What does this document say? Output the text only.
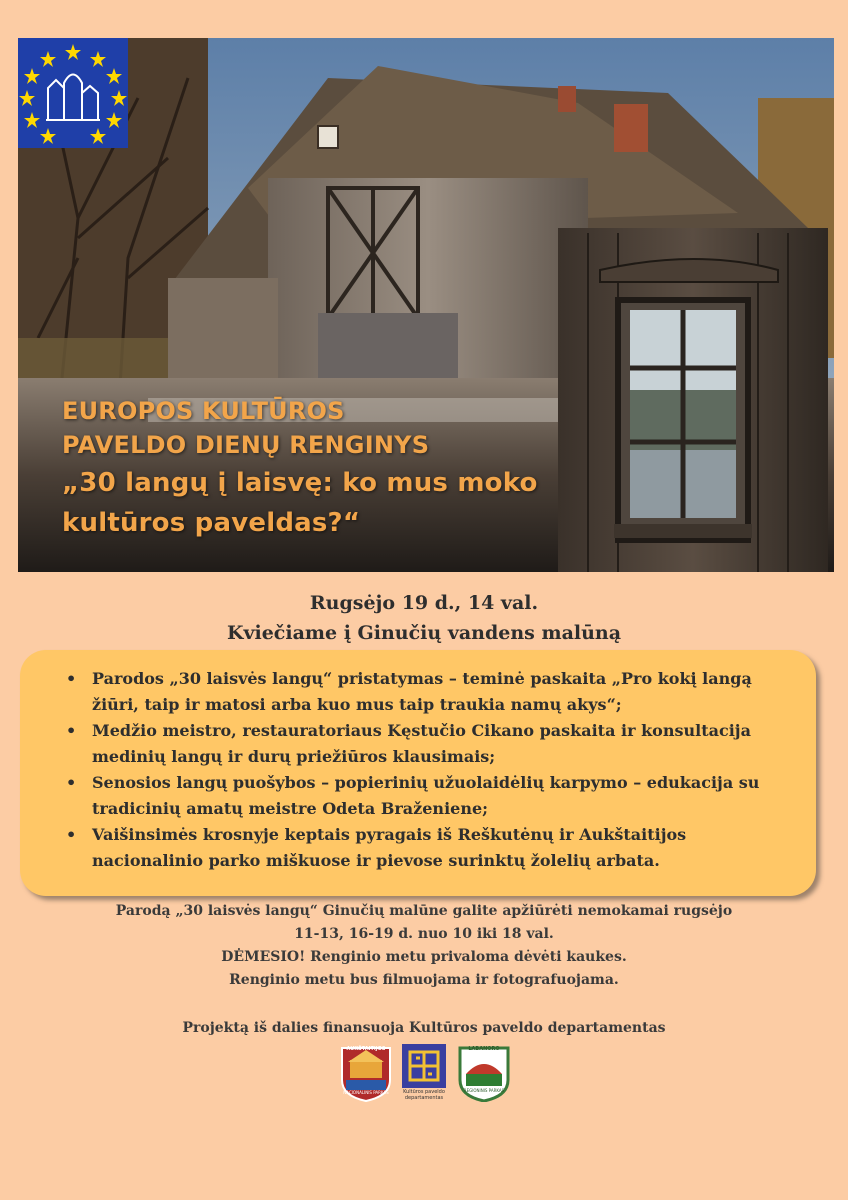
EUROPOS KULTŪROS
PAVELDO DIENŲ RENGINYS
„30 langų į laisvę: ko mus moko
kultūros paveldas?“
Rugsėjo 19 d., 14 val.
Kviečiame į Ginučių vandens malūną
• Parodos „30 laisvės langų“ pristatymas – teminė paskaita „Pro kokį langą žiūri, taip ir matosi arba kuo mus taip traukia namų akys“;
• Medžio meistro, restauratoriaus Kęstučio Cikano paskaita ir konsultacija medinių langų ir durų priežiūros klausimais;
• Senosios langų puošybos – popierinių užuolaidėlių karpymo – edukacija su tradicinių amatų meistre Odeta Braženiene;
• Vaišinsimės krosnyje keptais pyragais iš Reškutėnų ir Aukštaitijos nacionalinio parko miškuose ir pievose surinktų žolelių arbata.
Parodą „30 laisvės langų“ Ginučių malūne galite apžiūrėti nemokamai rugsėjo
11-13, 16-19 d. nuo 10 iki 18 val.
DĖMESIO! Renginio metu privaloma dėvėti kaukes.
Renginio metu bus filmuojama ir fotografuojama.
Projektą iš dalies finansuoja Kultūros paveldo departamentas
AUKŠTAITIJOS
NACIONALINIS PARKAS	Kultūros paveldo
departamentas
LABANORO
REGIONINIS PARKAS
